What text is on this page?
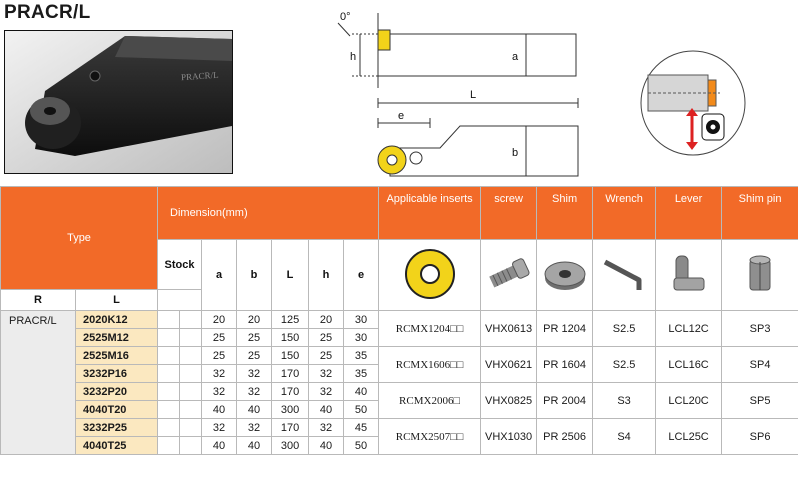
PRACR/L
PRACR/L
0°
h	a
L
e
b
Type		Dimension(mm)							Applicable inserts	screw	Shim	Wrench	Lever	Shim pin

		Stock		a	b	L	h	e						
R	L													
PRACR/L	2020K12			20	20	125	20	30	RCMX1204□□	VHX0613	PR 1204	S2.5	LCL12C	SP3
	2525M12			25	25	150	25	30						
	2525M16			25	25	150	25	35	RCMX1606□□	VHX0621	PR 1604	S2.5	LCL16C	SP4
	3232P16			32	32	170	32	35						
	3232P20			32	32	170	32	40	RCMX2006□	VHX0825	PR 2004	S3	LCL20C	SP5
	4040T20			40	40	300	40	50						
	3232P25			32	32	170	32	45	RCMX2507□□	VHX1030	PR 2506	S4	LCL25C	SP6
	4040T25			40	40	300	40	50						
